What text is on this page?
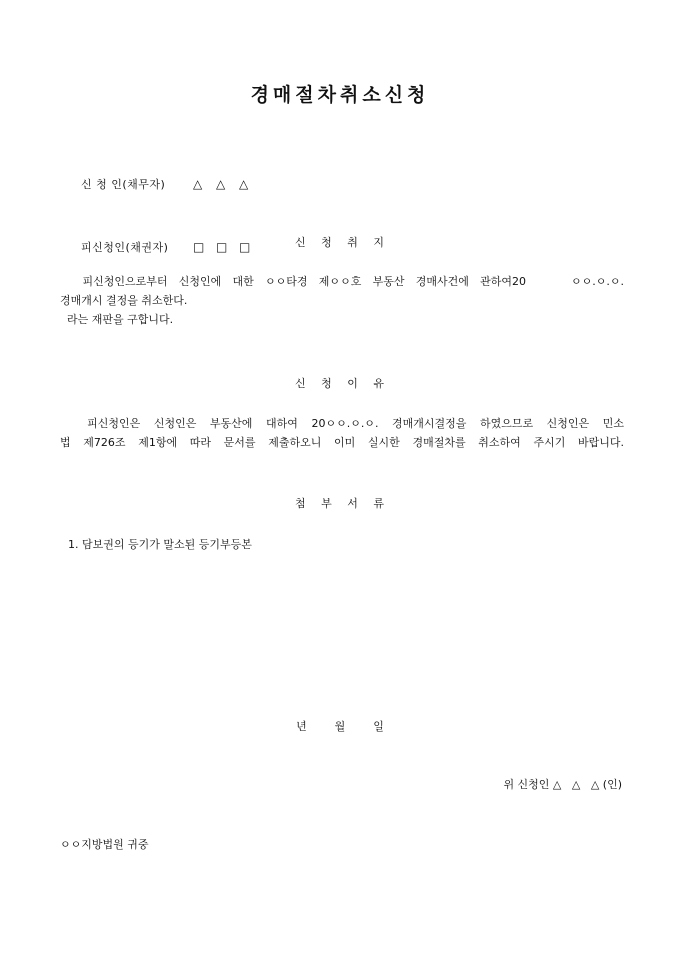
경매절차취소신청

신 청 인(채무자) △ △ △

피신청인(채권자) □ □ □
	신 청 취 지
피신청인으로부터 신청인에 대한 ㅇㅇ타경 제ㅇㅇ호 부동산 경매사건에 관하여20    ㅇㅇ.ㅇ.ㅇ.
경매개시 결정을 취소한다.
라는 재판을 구합니다.
신 청 이 유
피신청인은 신청인은 부동산에 대하여 20ㅇㅇ.ㅇ.ㅇ. 경매개시결정을 하였으므로 신청인은 민소
법 제726조 제1항에 따라 문서를 제출하오니 이미 실시한 경매절차를 취소하여 주시기 바랍니다.
첨 부 서 류
1. 담보권의 등기가 말소된 등기부등본
년        월        일
위 신청인 △   △   △ (인)
ㅇㅇ지방법원 귀중
